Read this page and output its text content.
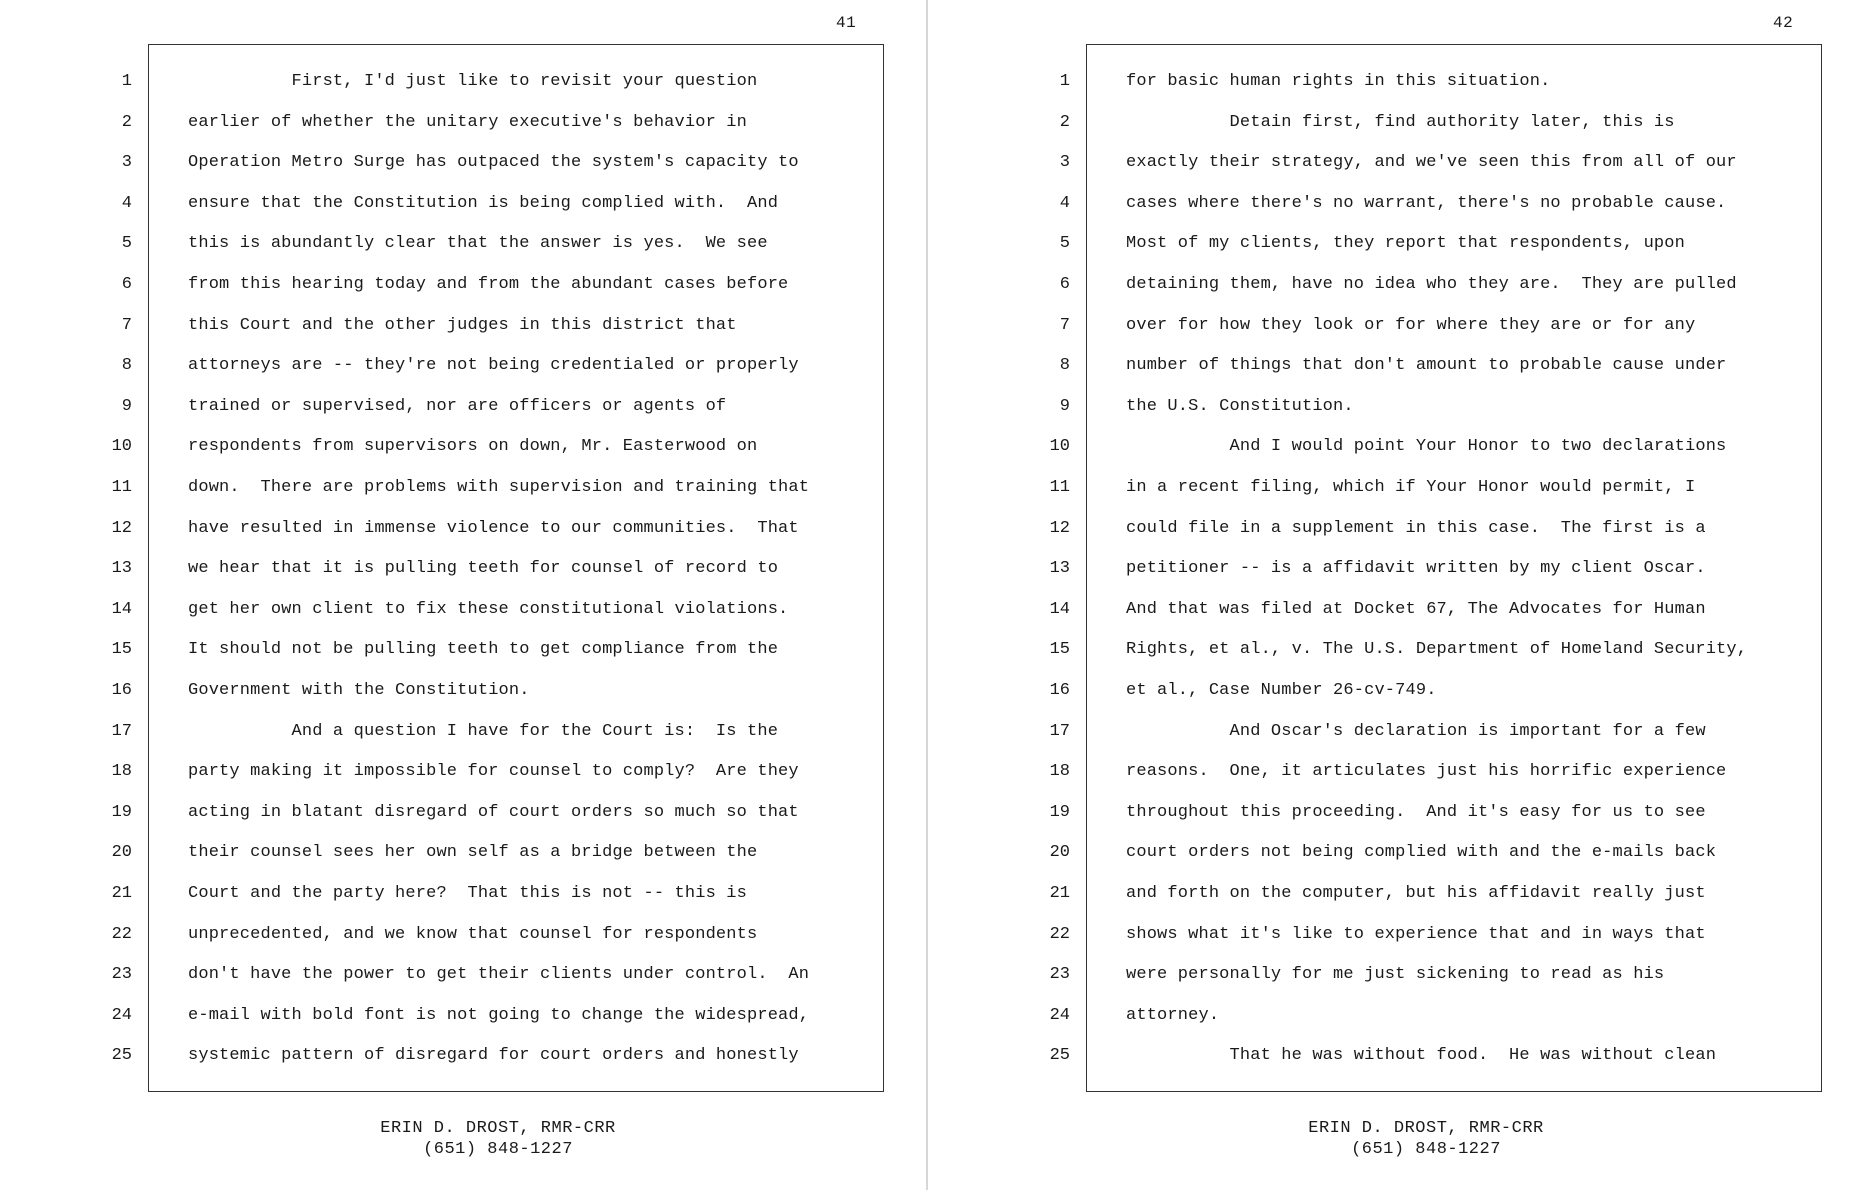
41
1
2
3
4
5
6
7
8
9
10
11
12
13
14
15
16
17
18
19
20
21
22
23
24
25
First, I'd just like to revisit your question
earlier of whether the unitary executive's behavior in
Operation Metro Surge has outpaced the system's capacity to
ensure that the Constitution is being complied with.  And
this is abundantly clear that the answer is yes.  We see
from this hearing today and from the abundant cases before
this Court and the other judges in this district that
attorneys are -- they're not being credentialed or properly
trained or supervised, nor are officers or agents of
respondents from supervisors on down, Mr. Easterwood on
down.  There are problems with supervision and training that
have resulted in immense violence to our communities.  That
we hear that it is pulling teeth for counsel of record to
get her own client to fix these constitutional violations.
It should not be pulling teeth to get compliance from the
Government with the Constitution.
And a question I have for the Court is:  Is the
party making it impossible for counsel to comply?  Are they
acting in blatant disregard of court orders so much so that
their counsel sees her own self as a bridge between the
Court and the party here?  That this is not -- this is
unprecedented, and we know that counsel for respondents
don't have the power to get their clients under control.  An
e-mail with bold font is not going to change the widespread,
systemic pattern of disregard for court orders and honestly
ERIN D. DROST, RMR-CRR
(651) 848-1227
42
1
2
3
4
5
6
7
8
9
10
11
12
13
14
15
16
17
18
19
20
21
22
23
24
25
for basic human rights in this situation.
Detain first, find authority later, this is
exactly their strategy, and we've seen this from all of our
cases where there's no warrant, there's no probable cause.
Most of my clients, they report that respondents, upon
detaining them, have no idea who they are.  They are pulled
over for how they look or for where they are or for any
number of things that don't amount to probable cause under
the U.S. Constitution.
And I would point Your Honor to two declarations
in a recent filing, which if Your Honor would permit, I
could file in a supplement in this case.  The first is a
petitioner -- is a affidavit written by my client Oscar.
And that was filed at Docket 67, The Advocates for Human
Rights, et al., v. The U.S. Department of Homeland Security,
et al., Case Number 26-cv-749.
And Oscar's declaration is important for a few
reasons.  One, it articulates just his horrific experience
throughout this proceeding.  And it's easy for us to see
court orders not being complied with and the e-mails back
and forth on the computer, but his affidavit really just
shows what it's like to experience that and in ways that
were personally for me just sickening to read as his
attorney.
That he was without food.  He was without clean
ERIN D. DROST, RMR-CRR
(651) 848-1227
